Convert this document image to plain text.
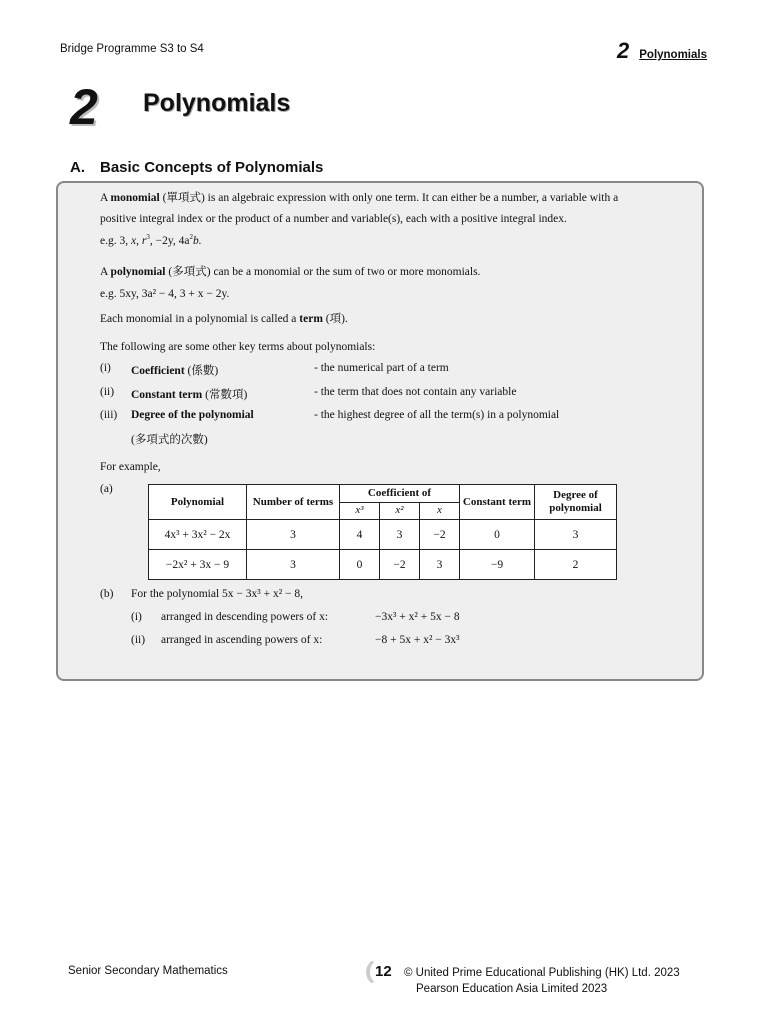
Bridge Programme S3 to S4	2 Polynomials
2 Polynomials
A. Basic Concepts of Polynomials
A monomial (單項式) is an algebraic expression with only one term. It can either be a number, a variable with a
positive integral index or the product of a number and variable(s), each with a positive integral index.
e.g. 3, x, $r^3$, −2y, $4a^2b$.
A polynomial (多項式) can be a monomial or the sum of two or more monomials.
e.g. 5xy, 3a² − 4, 3 + x − 2y.
Each monomial in a polynomial is called a term (項).
The following are some other key terms about polynomials:
(i) Coefficient (係數)	- the numerical part of a term
(ii) Constant term (常數項)	- the term that does not contain any variable
(iii) Degree of the polynomial	- the highest degree of all the term(s) in a polynomial
(多項式的次數)
For example,
(a)
Polynomial	Number of terms	Coefficient of			Constant term	Degree of polynomial
		x³	x²	x		
4x³ + 3x² − 2x	3	4	3	−2	0	3
−2x² + 3x − 9	3	0	−2	3	−9	2
(b) For the polynomial 5x − 3x³ + x² − 8,
(i) arranged in descending powers of x:	−3x³ + x² + 5x − 8
(ii) arranged in ascending powers of x:	−8 + 5x + x² − 3x³
Senior Secondary Mathematics	12 © United Prime Educational Publishing (HK) Ltd. 2023
Pearson Education Asia Limited 2023
